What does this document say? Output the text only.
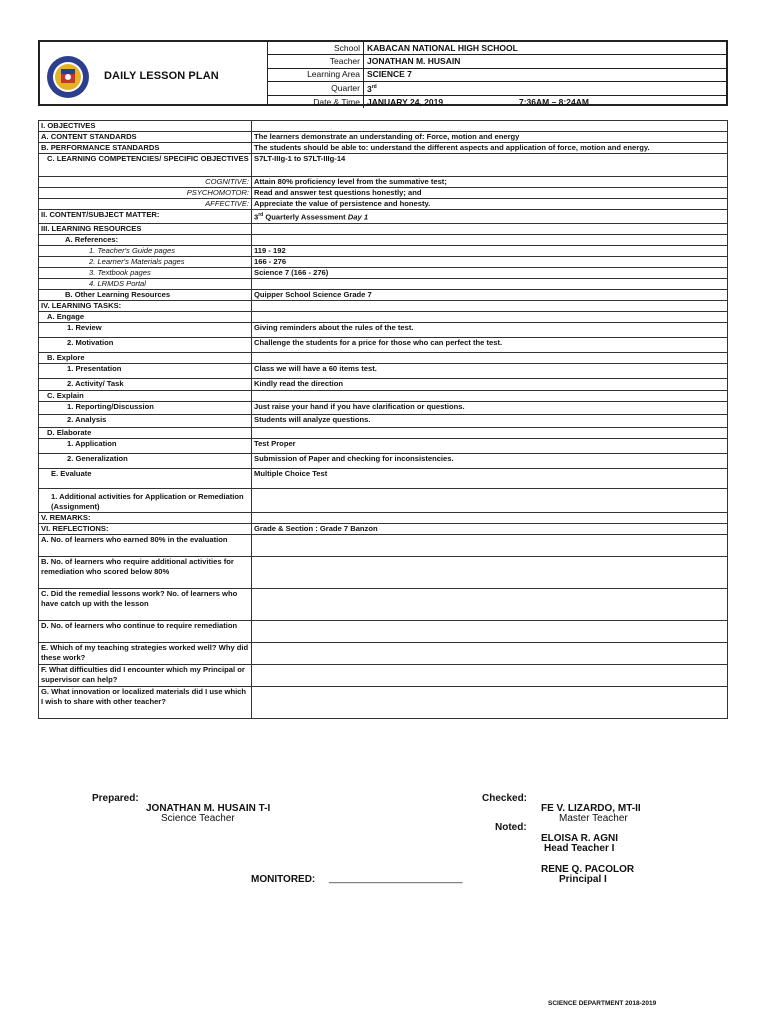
DAILY LESSON PLAN
School	KABACAN NATIONAL HIGH SCHOOL
Teacher	JONATHAN M. HUSAIN
Learning Area	SCIENCE 7
Quarter	3rd
Date & Time	JANUARY 24, 2019 7:36AM – 8:24AM
I. OBJECTIVES	
A. CONTENT STANDARDS	The learners demonstrate an understanding of: Force, motion and energy
B. PERFORMANCE STANDARDS	The students should be able to: understand the different aspects and application of force, motion and energy.
C. LEARNING COMPETENCIES/ SPECIFIC OBJECTIVES	S7LT-IIIg-1 to S7LT-IIIg-14
COGNITIVE:	Attain 80% proficiency level from the summative test;
PSYCHOMOTOR:	Read and answer test questions honestly; and
AFFECTIVE:	Appreciate the value of persistence and honesty.
II. CONTENT/SUBJECT MATTER:	3rd Quarterly Assessment Day 1
III. LEARNING RESOURCES	
A. References:	
1. Teacher's Guide pages	119 - 192
2. Learner's Materials pages	166 - 276
3. Textbook pages	Science 7 (166 - 276)
4. LRMDS Portal	
B. Other Learning Resources	Quipper School Science Grade 7
IV. LEARNING TASKS:	
A. Engage	
1. Review	Giving reminders about the rules of the test.
2. Motivation	Challenge the students for a price for those who can perfect the test.
B. Explore	
1. Presentation	Class we will have a 60 items test.
2. Activity/ Task	Kindly read the direction
C. Explain	
1. Reporting/Discussion	Just raise your hand if you have clarification or questions.
2. Analysis	Students will analyze questions.
D. Elaborate	
1. Application	Test Proper
2. Generalization	Submission of Paper and checking for inconsistencies.
E. Evaluate	Multiple Choice Test
1. Additional activities for Application or Remediation (Assignment)	
V. REMARKS:	
VI. REFLECTIONS:	Grade & Section : Grade 7 Banzon
A. No. of learners who earned 80% in the evaluation	
B. No. of learners who require additional activities for remediation who scored below 80%	
C. Did the remedial lessons work? No. of learners who have catch up with the lesson	
D. No. of learners who continue to require remediation	
E. Which of my teaching strategies worked well? Why did these work?	
F. What difficulties did I encounter which my Principal or supervisor can help?	
G. What innovation or localized materials did I use which I wish to share with other teacher?	
Prepared:
JONATHAN M. HUSAIN T-I
Science Teacher
Checked:
FE V. LIZARDO, MT-II
Master Teacher
Noted:
ELOISA R. AGNI
Head Teacher I
RENE Q. PACOLOR
Principal I
MONITORED: ________________________
SCIENCE DEPARTMENT 2018-2019
